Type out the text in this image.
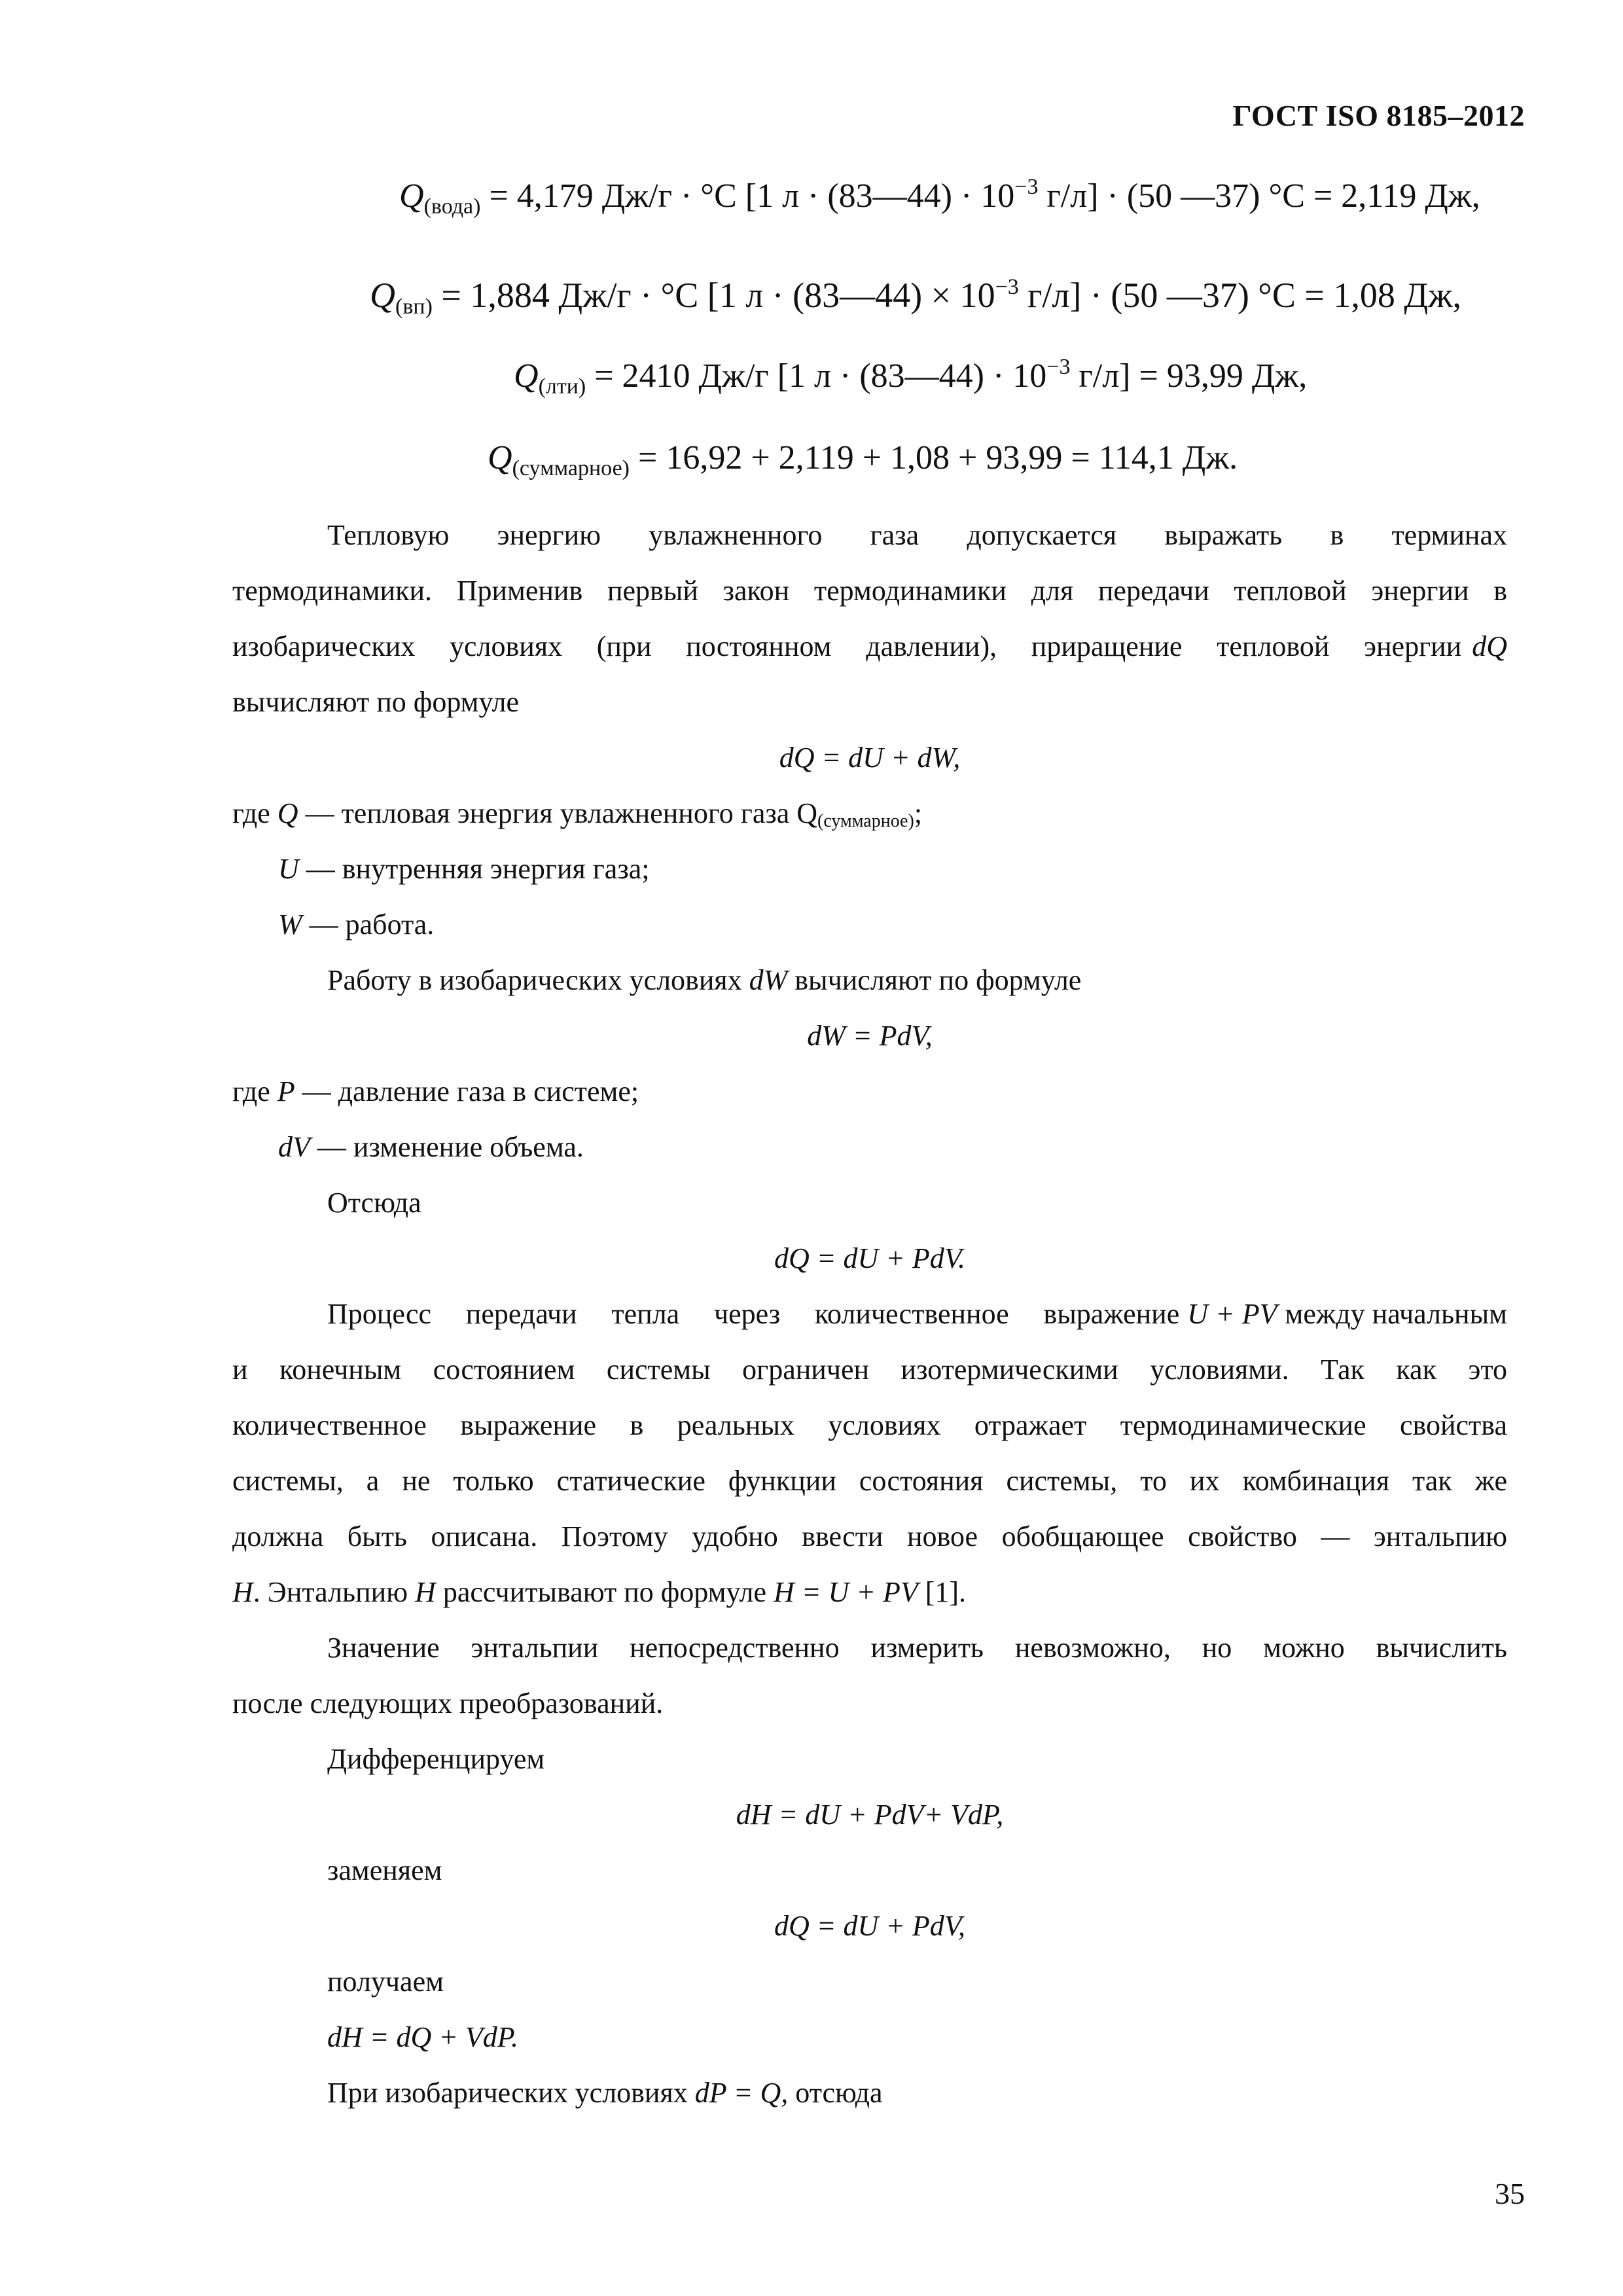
ГОСТ ISO 8185–2012
$Q_{(вода)} = 4,179$ Дж/г · °С [1 л · (83—44) · $10^{-3}$ г/л] · (50 —37) °С = 2,119 Дж,
$Q_{(вп)} = 1,884$ Дж/г · °С [1 л · (83—44) × $10^{-3}$ г/л] · (50 —37) °С = 1,08 Дж,
$Q_{(лти)} = 2410$ Дж/г [1 л · (83—44) · $10^{-3}$ г/л] = 93,99 Дж,
$Q_{(суммарное)} = 16,92 + 2,119 + 1,08 + 93,99 = 114,1$ Дж.
Тепловую энергию увлажненного газа допускается выражать в терминах
термодинамики. Применив первый закон термодинамики для передачи тепловой энергии в
изобарических условиях (при постоянном давлении), приращение тепловой энергии dQ
вычисляют по формуле
dQ = dU + dW,
где Q — тепловая энергия увлажненного газа Q(суммарное);
U — внутренняя энергия газа;
W — работа.
Работу в изобарических условиях dW вычисляют по формуле
dW = PdV,
где P — давление газа в системе;
dV — изменение объема.
Отсюда
dQ = dU + PdV.
Процесс передачи тепла через количественное выражение U + PV между начальным
и конечным состоянием системы ограничен изотермическими условиями. Так как это
количественное выражение в реальных условиях отражает термодинамические свойства
системы, а не только статические функции состояния системы, то их комбинация так же
должна быть описана. Поэтому удобно ввести новое обобщающее свойство — энтальпию
H. Энтальпию H рассчитывают по формуле H = U + PV [1].
Значение энтальпии непосредственно измерить невозможно, но можно вычислить
после следующих преобразований.
Дифференцируем
dH = dU + PdV+ VdP,
заменяем
dQ = dU + PdV,
получаем
dH = dQ + VdP.
При изобарических условиях dP = Q, отсюда
35
